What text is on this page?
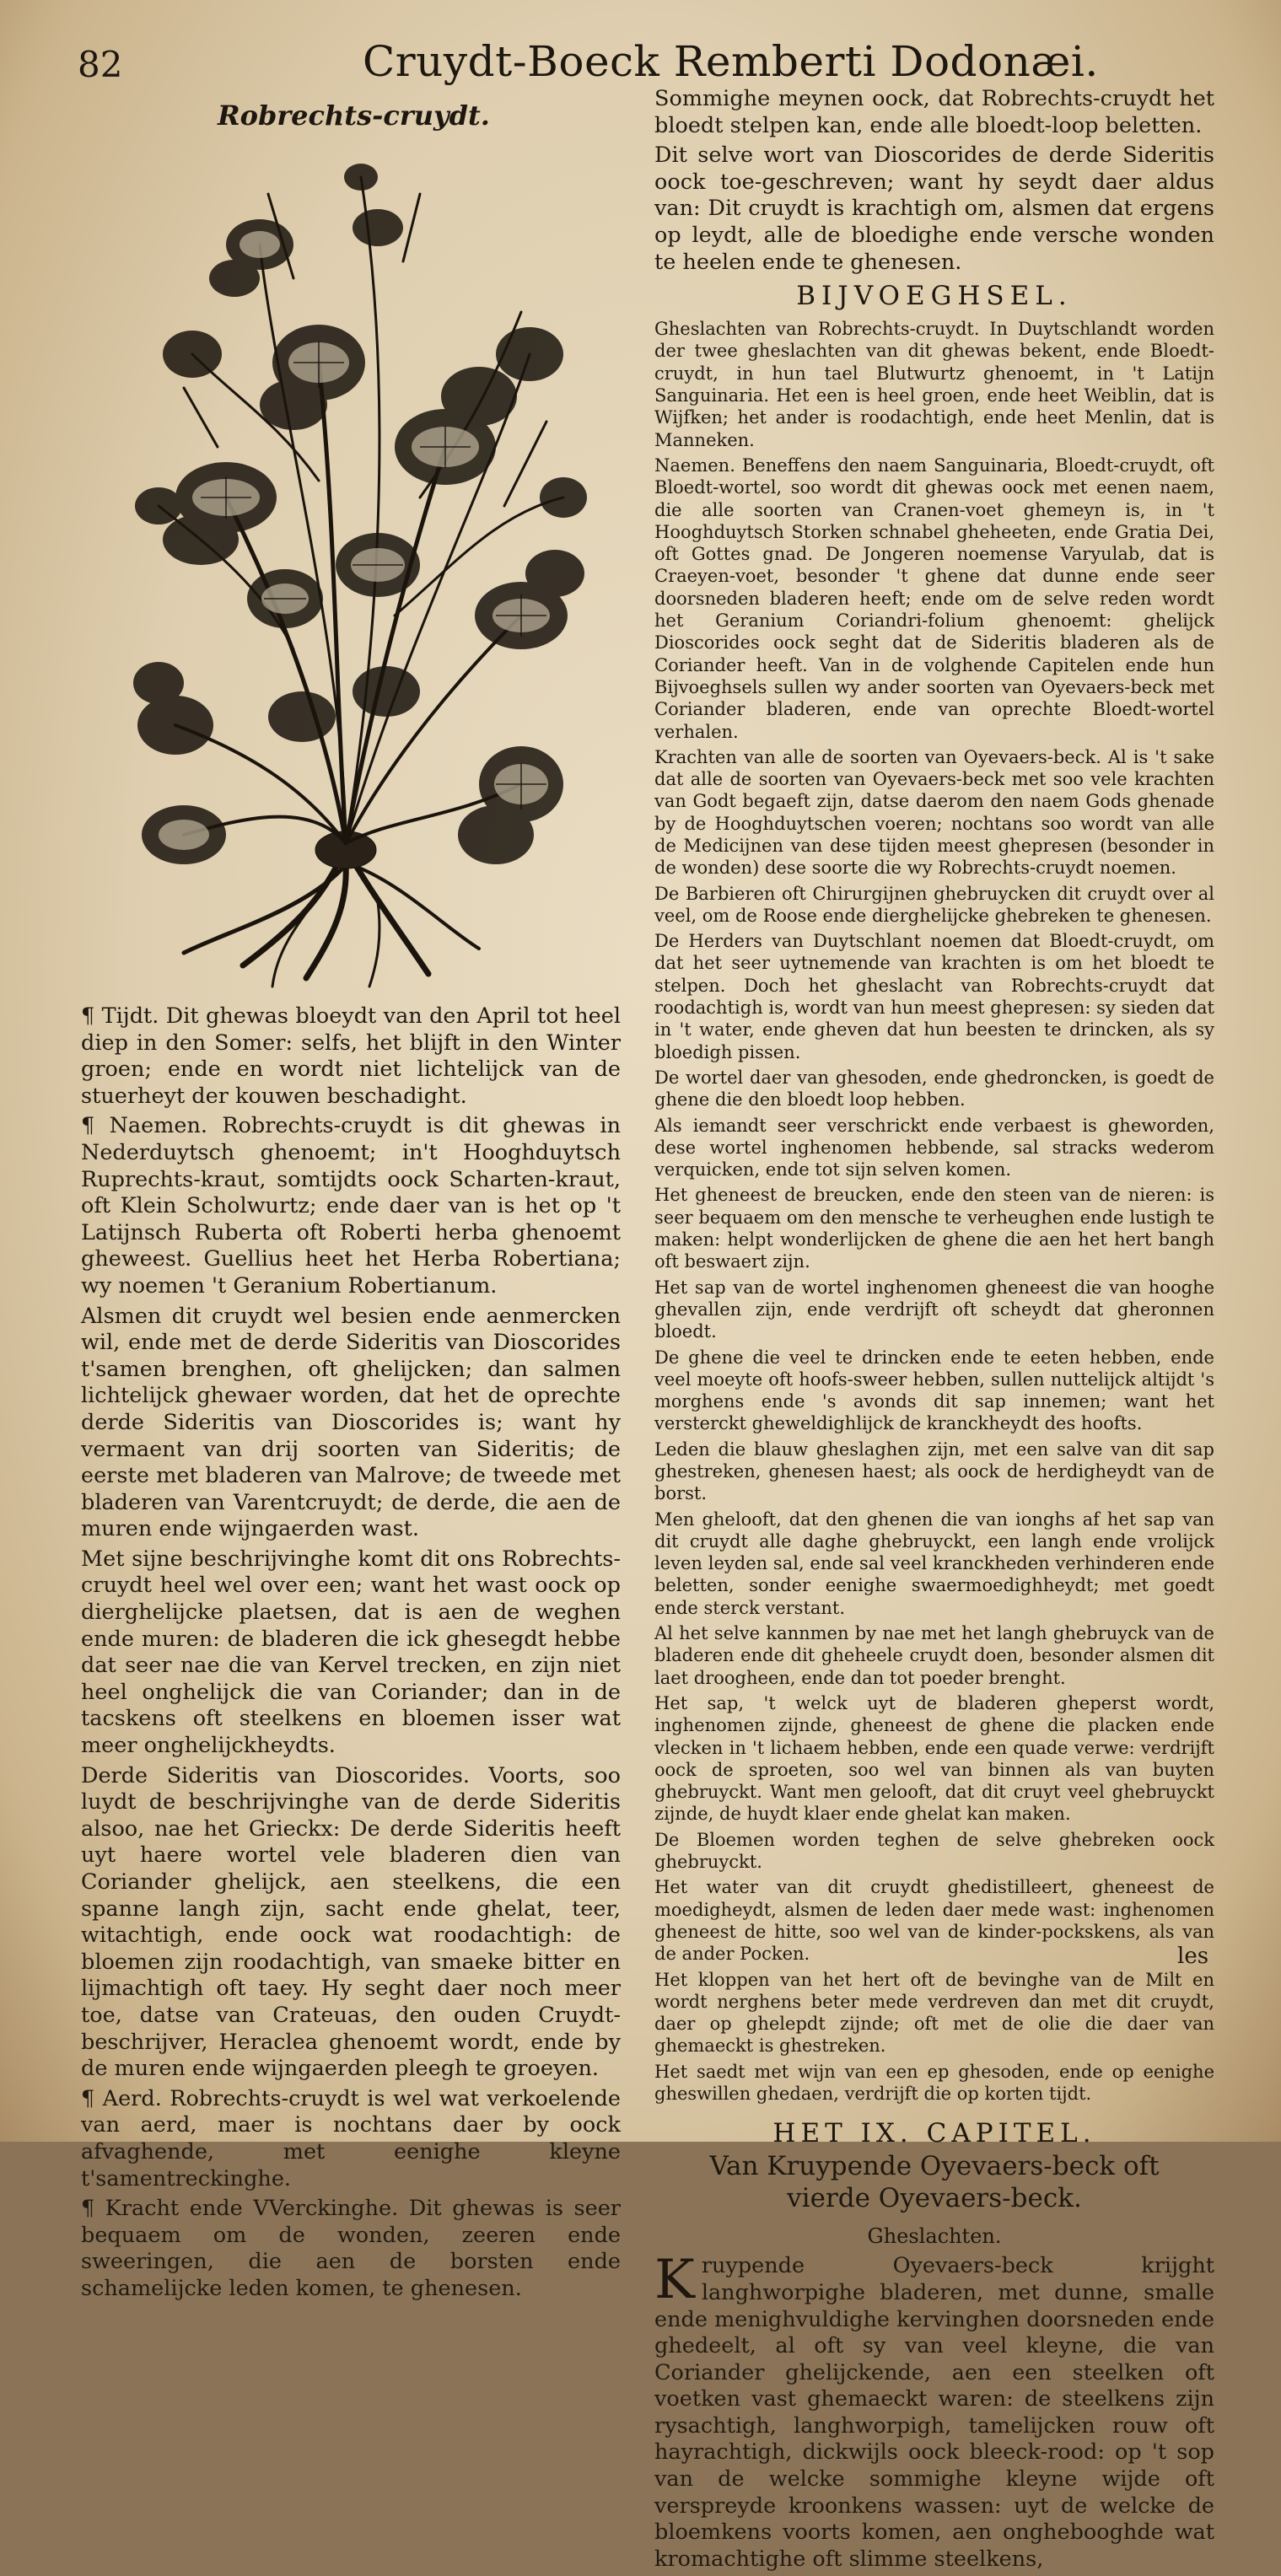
82	Cruydt-Boeck Remberti Dodonæi.
Robrechts-cruydt.

¶ Tijdt. Dit ghewas bloeydt van den April tot heel diep in den Somer: selfs, het blijft in den Winter groen; ende en wordt niet lichtelijck van de stuerheyt der kouwen beschadight.

¶ Naemen. Robrechts-cruydt is dit ghewas in Nederduytsch ghenoemt; in't Hooghduytsch Ruprechts-kraut, somtijdts oock Scharten-kraut, oft Klein Scholwurtz; ende daer van is het op 't Latijnsch Ruberta oft Roberti herba ghenoemt gheweest. Guellius heet het Herba Robertiana; wy noemen 't Geranium Robertianum.

Alsmen dit cruydt wel besien ende aenmercken wil, ende met de derde Sideritis van Dioscorides t'samen brenghen, oft ghelijcken; dan salmen lichtelijck ghewaer worden, dat het de oprechte derde Sideritis van Dioscorides is; want hy vermaent van drij soorten van Sideritis; de eerste met bladeren van Malrove; de tweede met bladeren van Varentcruydt; de derde, die aen de muren ende wijngaerden wast.

Met sijne beschrijvinghe komt dit ons Robrechts-cruydt heel wel over een; want het wast oock op dierghelijcke plaetsen, dat is aen de weghen ende muren: de bladeren die ick ghesegdt hebbe dat seer nae die van Kervel trecken, en zijn niet heel onghelijck die van Coriander; dan in de tacskens oft steelkens en bloemen isser wat meer onghelijckheydts.

Derde Sideritis van Dioscorides. Voorts, soo luydt de beschrijvinghe van de derde Sideritis alsoo, nae het Grieckx: De derde Sideritis heeft uyt haere wortel vele bladeren dien van Coriander ghelijck, aen steelkens, die een spanne langh zijn, sacht ende ghelat, teer, witachtigh, ende oock wat roodachtigh: de bloemen zijn roodachtigh, van smaeke bitter en lijmachtigh oft taey. Hy seght daer noch meer toe, datse van Crateuas, den ouden Cruydt-beschrijver, Heraclea ghenoemt wordt, ende by de muren ende wijngaerden pleegh te groeyen.

¶ Aerd. Robrechts-cruydt is wel wat verkoelende van aerd, maer is nochtans daer by oock afvaghende, met eenighe kleyne t'samentreckinghe.

¶ Kracht ende VVerckinghe. Dit ghewas is seer bequaem om de wonden, zeeren ende sweeringen, die aen de borsten ende schamelijcke leden komen, te ghenesen.

Sommighe meynen oock, dat Robrechts-cruydt het bloedt stelpen kan, ende alle bloedt-loop beletten.

Dit selve wort van Dioscorides de derde Sideritis oock toe-geschreven; want hy seydt daer aldus van: Dit cruydt is krachtigh om, alsmen dat ergens op leydt, alle de bloedighe ende versche wonden te heelen ende te ghenesen.

BIJVOEGHSEL.

Gheslachten van Robrechts-cruydt. In Duytschlandt worden der twee gheslachten van dit ghewas bekent, ende Bloedt-cruydt, in hun tael Blutwurtz ghenoemt, in 't Latijn Sanguinaria. Het een is heel groen, ende heet Weiblin, dat is Wijfken; het ander is roodachtigh, ende heet Menlin, dat is Manneken.

Naemen. Beneffens den naem Sanguinaria, Bloedt-cruydt, oft Bloedt-wortel, soo wordt dit ghewas oock met eenen naem, die alle soorten van Cranen-voet ghemeyn is, in 't Hooghduytsch Storken schnabel gheheeten, ende Gratia Dei, oft Gottes gnad. De Jongeren noemense Varyulab, dat is Craeyen-voet, besonder 't ghene dat dunne ende seer doorsneden bladeren heeft; ende om de selve reden wordt het Geranium Coriandri-folium ghenoemt: ghelijck Dioscorides oock seght dat de Sideritis bladeren als de Coriander heeft. Van in de volghende Capitelen ende hun Bijvoeghsels sullen wy ander soorten van Oyevaers-beck met Coriander bladeren, ende van oprechte Bloedt-wortel verhalen.

Krachten van alle de soorten van Oyevaers-beck. Al is 't sake dat alle de soorten van Oyevaers-beck met soo vele krachten van Godt begaeft zijn, datse daerom den naem Gods ghenade by de Hooghduytschen voeren; nochtans soo wordt van alle de Medicijnen van dese tijden meest ghepresen (besonder in de wonden) dese soorte die wy Robrechts-cruydt noemen.

De Barbieren oft Chirurgijnen ghebruycken dit cruydt over al veel, om de Roose ende dierghelijcke ghebreken te ghenesen.

De Herders van Duytschlant noemen dat Bloedt-cruydt, om dat het seer uytnemende van krachten is om het bloedt te stelpen. Doch het gheslacht van Robrechts-cruydt dat roodachtigh is, wordt van hun meest ghepresen: sy sieden dat in 't water, ende gheven dat hun beesten te drincken, als sy bloedigh pissen.

De wortel daer van ghesoden, ende ghedroncken, is goedt de ghene die den bloedt loop hebben.

Als iemandt seer verschrickt ende verbaest is gheworden, dese wortel inghenomen hebbende, sal stracks wederom verquicken, ende tot sijn selven komen.

Het gheneest de breucken, ende den steen van de nieren: is seer bequaem om den mensche te verheughen ende lustigh te maken: helpt wonderlijcken de ghene die aen het hert bangh oft beswaert zijn.

Het sap van de wortel inghenomen gheneest die van hooghe ghevallen zijn, ende verdrijft oft scheydt dat gheronnen bloedt.

De ghene die veel te drincken ende te eeten hebben, ende veel moeyte oft hoofs-sweer hebben, sullen nuttelijck altijdt 's morghens ende 's avonds dit sap innemen; want het versterckt gheweldighlijck de kranckheydt des hoofts.

Leden die blauw gheslaghen zijn, met een salve van dit sap ghestreken, ghenesen haest; als oock de herdigheydt van de borst.

Men ghelooft, dat den ghenen die van ionghs af het sap van dit cruydt alle daghe ghebruyckt, een langh ende vrolijck leven leyden sal, ende sal veel kranckheden verhinderen ende beletten, sonder eenighe swaermoedighheydt; met goedt ende sterck verstant.

Al het selve kannmen by nae met het langh ghebruyck van de bladeren ende dit gheheele cruydt doen, besonder alsmen dit laet droogheen, ende dan tot poeder brenght.

Het sap, 't welck uyt de bladeren gheperst wordt, inghenomen zijnde, gheneest de ghene die placken ende vlecken in 't lichaem hebben, ende een quade verwe: verdrijft oock de sproeten, soo wel van binnen als van buyten ghebruyckt. Want men gelooft, dat dit cruyt veel ghebruyckt zijnde, de huydt klaer ende ghelat kan maken.

De Bloemen worden teghen de selve ghebreken oock ghebruyckt.

Het water van dit cruydt ghedistilleert, gheneest de moedigheydt, alsmen de leden daer mede wast: inghenomen gheneest de hitte, soo wel van de kinder-pockskens, als van de ander Pocken.

Het kloppen van het hert oft de bevinghe van de Milt en wordt nerghens beter mede verdreven dan met dit cruydt, daer op ghelepdt zijnde; oft met de olie die daer van ghemaeckt is ghestreken.

Het saedt met wijn van een ep ghesoden, ende op eenighe gheswillen ghedaen, verdrijft die op korten tijdt.

HET IX. CAPITEL.
Van Kruypende Oyevaers-beck oft
vierde Oyevaers-beck.
Gheslachten.

Kruypende Oyevaers-beck krijght langhworpighe bladeren, met dunne, smalle ende menighvuldighe kervinghen doorsneden ende ghedeelt, al oft sy van veel kleyne, die van Coriander ghelijckende, aen een steelken oft voetken vast ghemaeckt waren: de steelkens zijn rysachtigh, langhworpigh, tamelijcken rouw oft hayrachtigh, dickwijls oock bleeck-rood: op 't sop van de welcke sommighe kleyne wijde oft verspreyde kroonkens wassen: uyt de welcke de bloemkens voorts komen, aen onghebooghde wat kromachtighe oft slimme steelkens,

les
